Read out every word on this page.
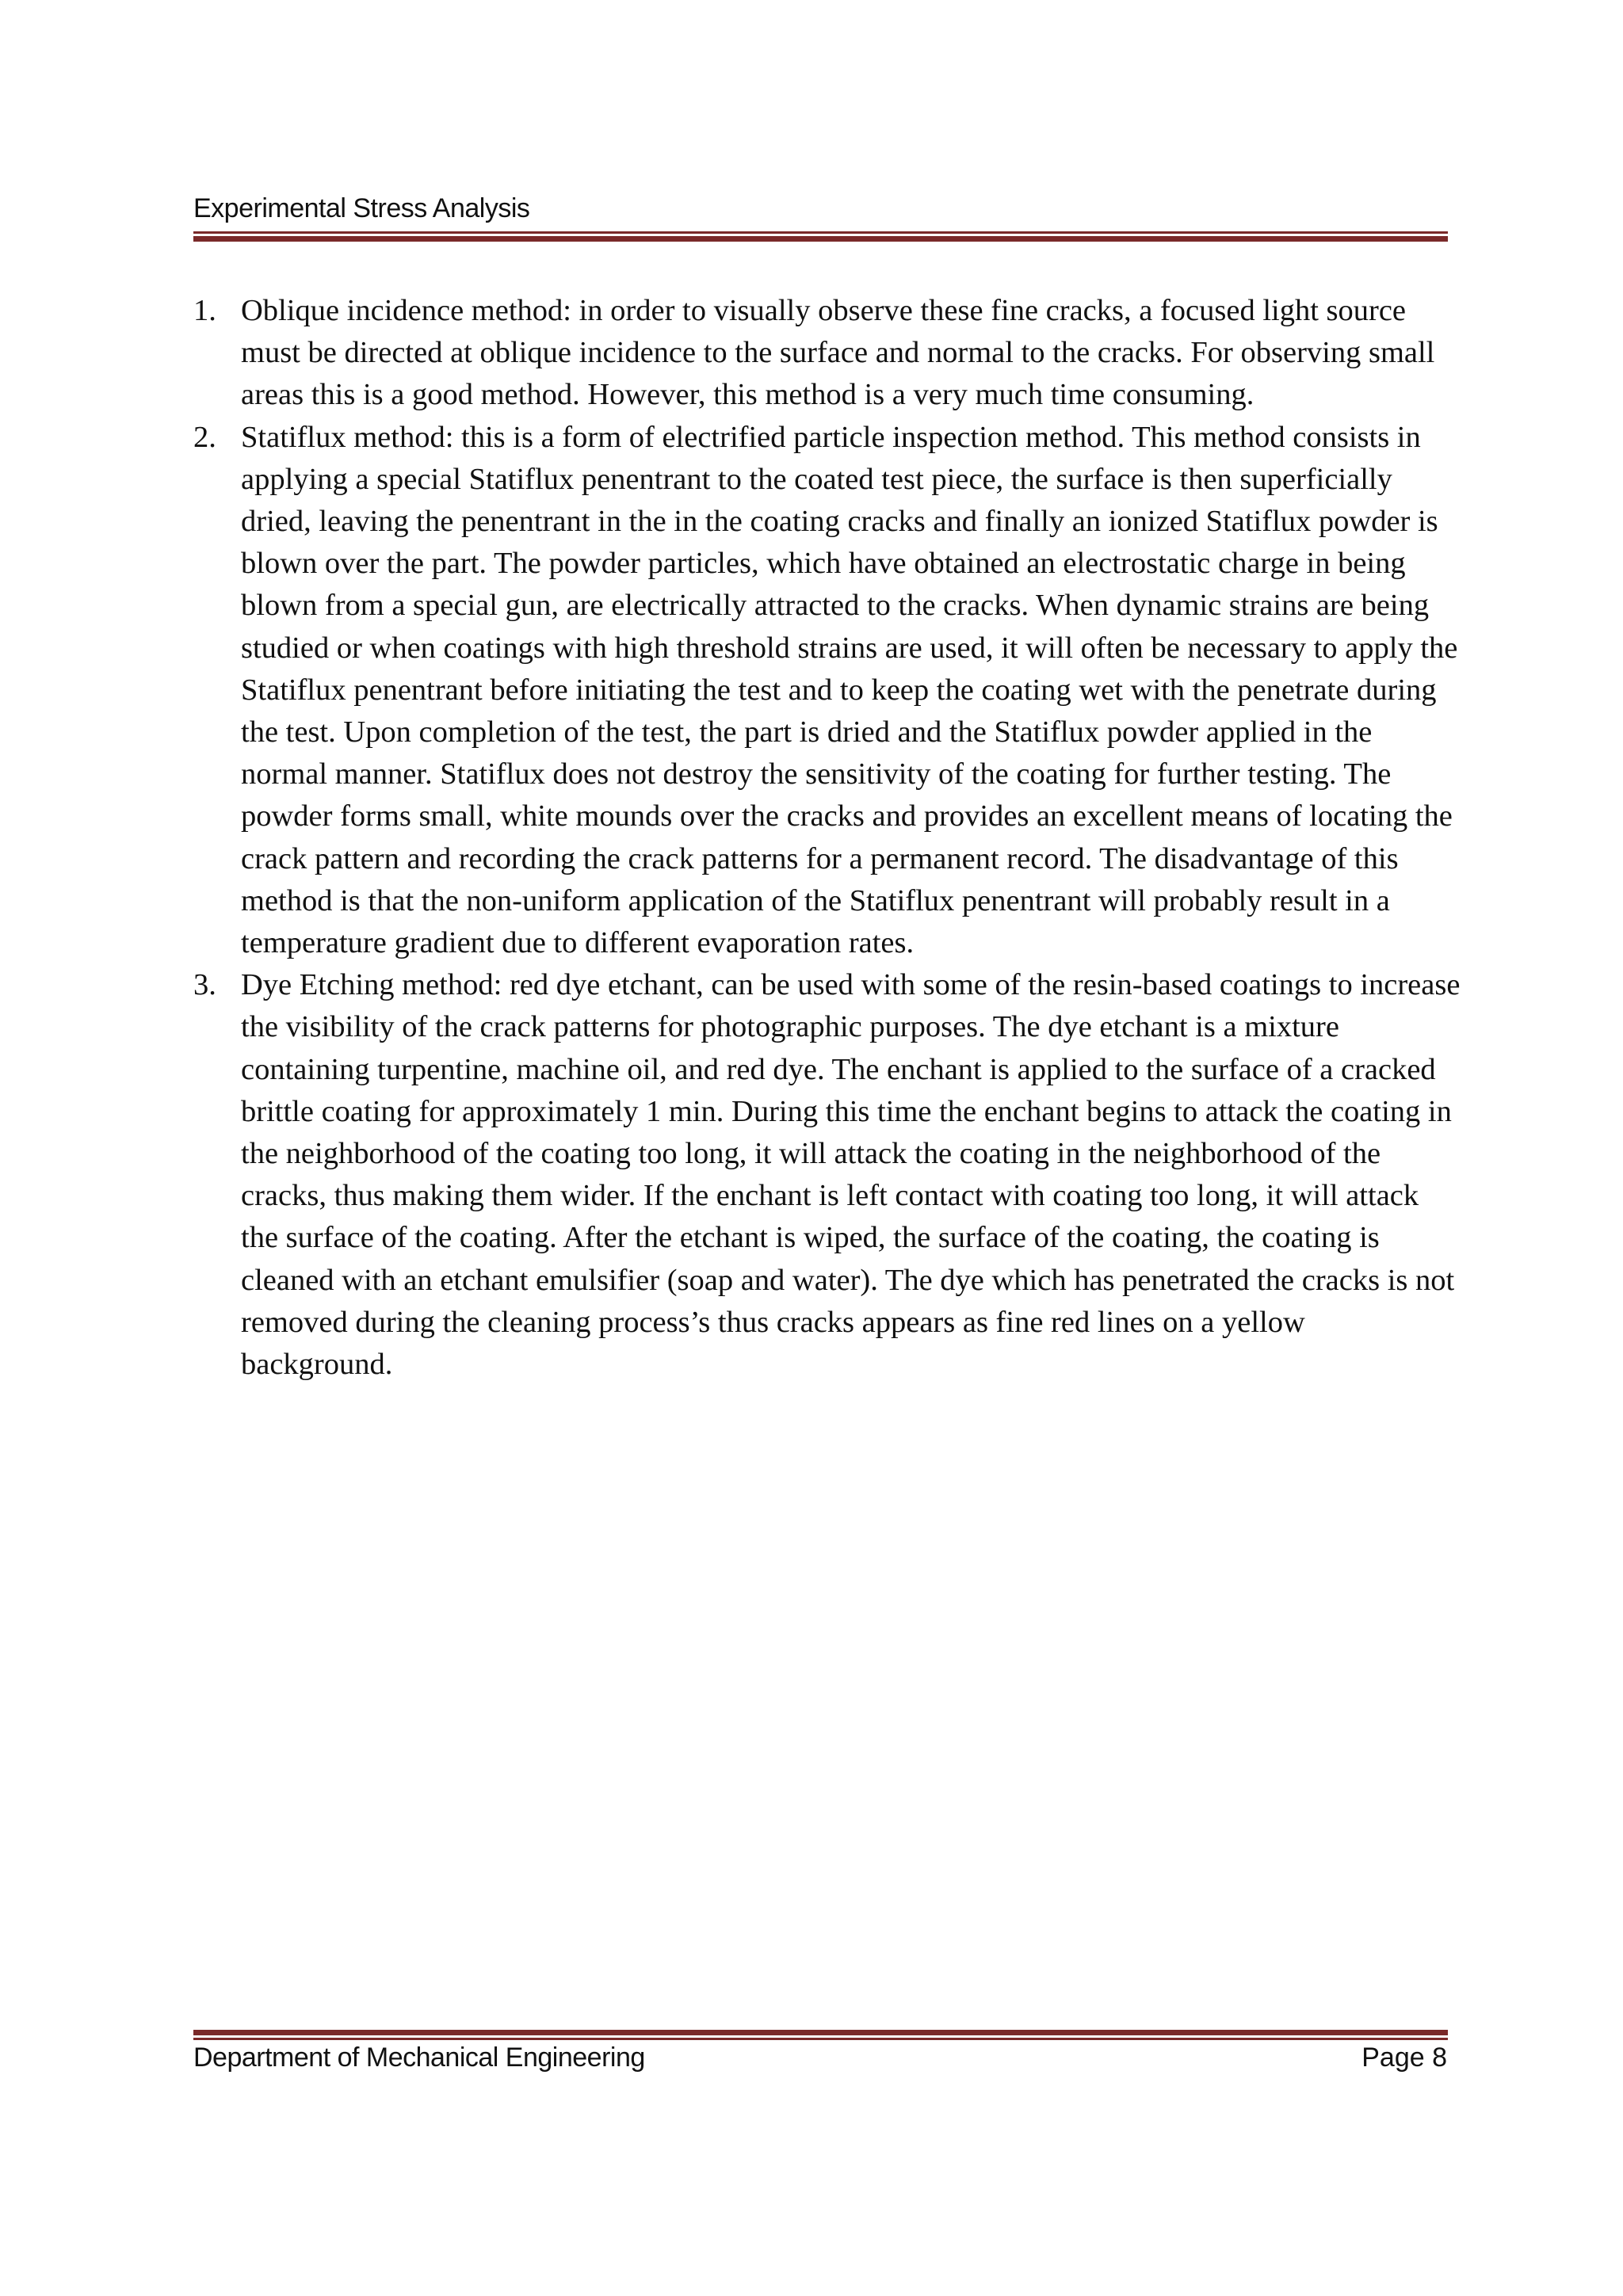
Experimental Stress Analysis
1. Oblique incidence method: in order to visually observe these fine cracks, a focused light source must be directed at oblique incidence to the surface and normal to the cracks. For observing small areas this is a good method. However, this method is a very much time consuming.
2. Statiflux method: this is a form of electrified particle inspection method. This method consists in applying a special Statiflux penentrant to the coated test piece, the surface is then superficially dried, leaving the penentrant in the in the coating cracks and finally an ionized Statiflux powder is blown over the part. The powder particles, which have obtained an electrostatic charge in being blown from a special gun, are electrically attracted to the cracks. When dynamic strains are being studied or when coatings with high threshold strains are used, it will often be necessary to apply the Statiflux penentrant before initiating the test and to keep the coating wet with the penetrate during the test. Upon completion of the test, the part is dried and the Statiflux powder applied in the normal manner. Statiflux does not destroy the sensitivity of the coating for further testing. The powder forms small, white mounds over the cracks and provides an excellent means of locating the crack pattern and recording the crack patterns for a permanent record. The disadvantage of this method is that the non-uniform application of the Statiflux penentrant will probably result in a temperature gradient due to different evaporation rates.
3. Dye Etching method: red dye etchant, can be used with some of the resin-based coatings to increase the visibility of the crack patterns for photographic purposes. The dye etchant is a mixture containing turpentine, machine oil, and red dye. The enchant is applied to the surface of a cracked brittle coating for approximately 1 min. During this time the enchant begins to attack the coating in the neighborhood of the coating too long, it will attack the coating in the neighborhood of the cracks, thus making them wider. If the enchant is left contact with coating too long, it will attack the surface of the coating. After the etchant is wiped, the surface of the coating, the coating is cleaned with an etchant emulsifier (soap and water). The dye which has penetrated the cracks is not removed during the cleaning process’s thus cracks appears as fine red lines on a yellow background.
Department of Mechanical Engineering	Page 8
